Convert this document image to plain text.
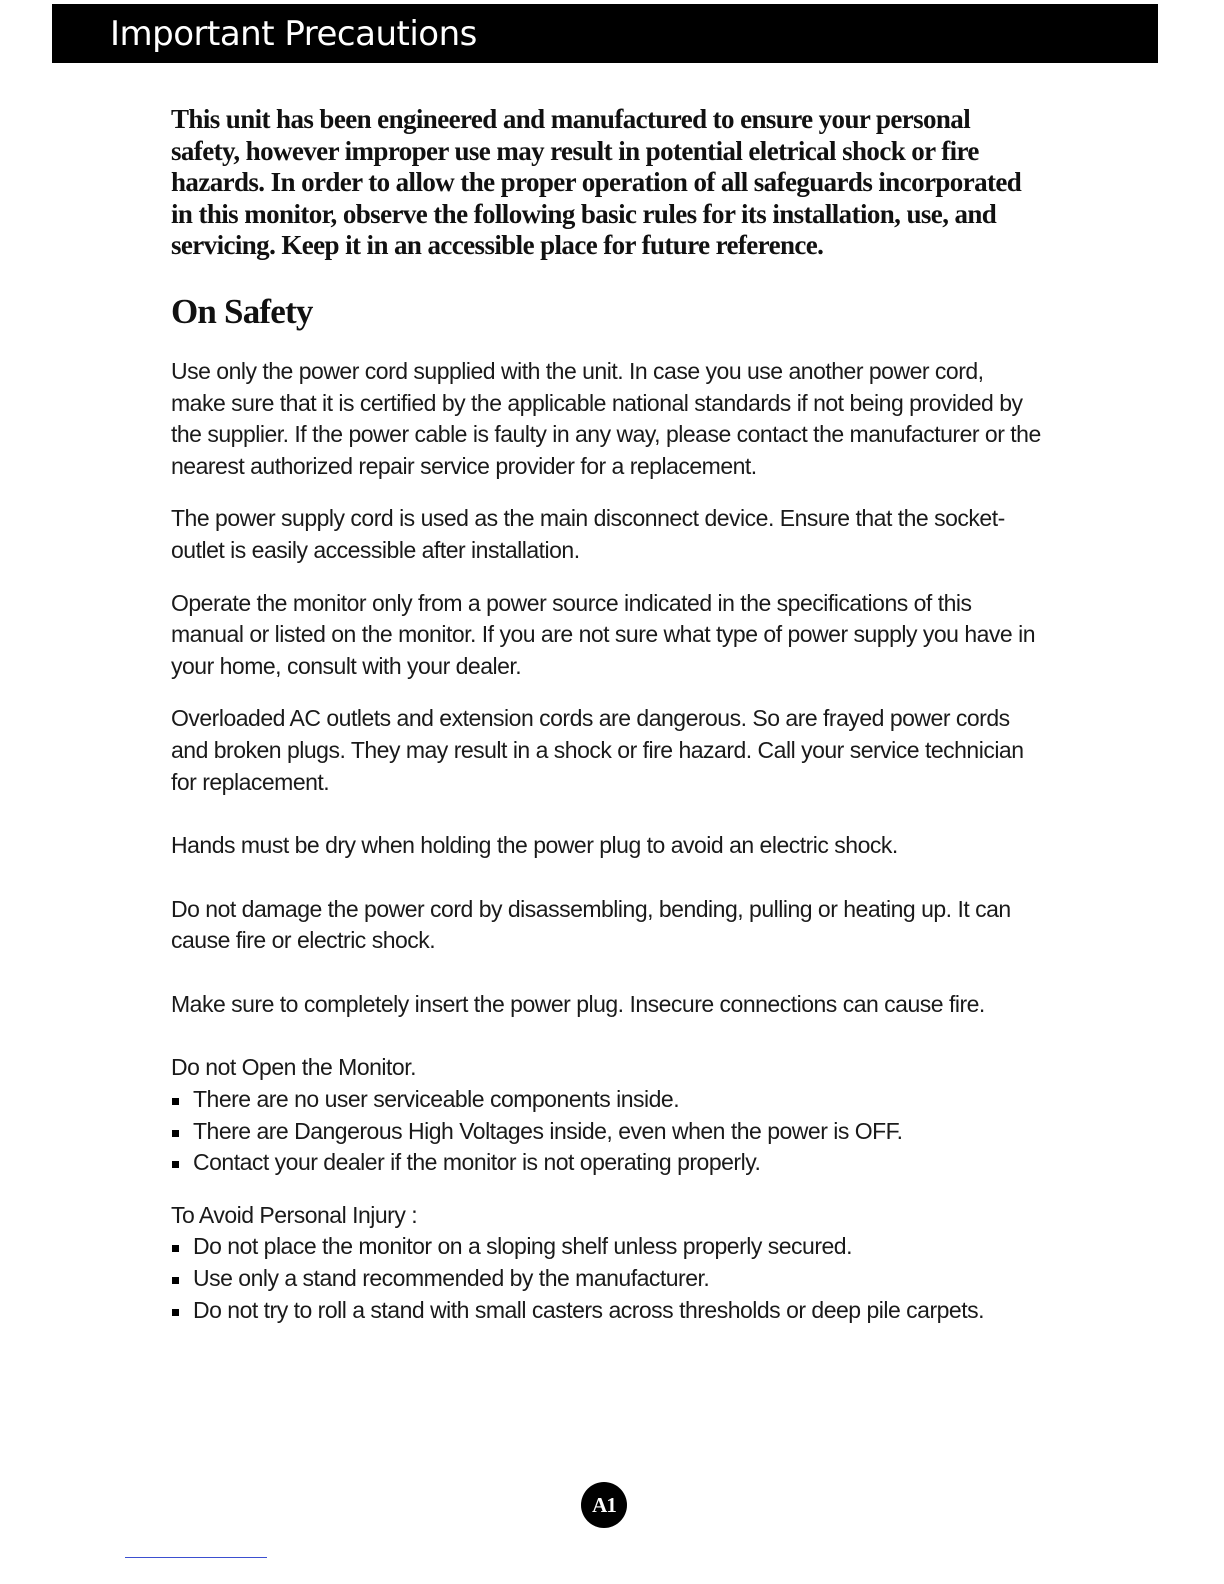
Important Precautions

This unit has been engineered and manufactured to ensure your personal safety, however improper use may result in potential eletrical shock or fire hazards. In order to allow the proper operation of all safeguards incorporated in this monitor, observe the following basic rules for its installation, use, and servicing. Keep it in an accessible place for future reference.

On Safety

Use only the power cord supplied with the unit. In case you use another power cord, make sure that it is certified by the applicable national standards if not being provided by the supplier. If the power cable is faulty in any way, please contact the manufacturer or the nearest authorized repair service provider for a replacement.

The power supply cord is used as the main disconnect device. Ensure that the socket-outlet is easily accessible after installation.

Operate the monitor only from a power source indicated in the specifications of this manual or listed on the monitor. If you are not sure what type of power supply you have in your home, consult with your dealer.

Overloaded AC outlets and extension cords are dangerous. So are frayed power cords and broken plugs. They may result in a shock or fire hazard. Call your service technician for replacement.

Hands must be dry when holding the power plug to avoid an electric shock.

Do not damage the power cord by disassembling, bending, pulling or heating up. It can cause fire or electric shock.

Make sure to completely insert the power plug. Insecure connections can cause fire.

Do not Open the Monitor.

There are no user serviceable components inside.
There are Dangerous High Voltages inside, even when the power is OFF.
Contact your dealer if the monitor is not operating properly.

To Avoid Personal Injury :

Do not place the monitor on a sloping shelf unless properly secured.
Use only a stand recommended by the manufacturer.
Do not try to roll a stand with small casters across thresholds or deep pile carpets.
A1
